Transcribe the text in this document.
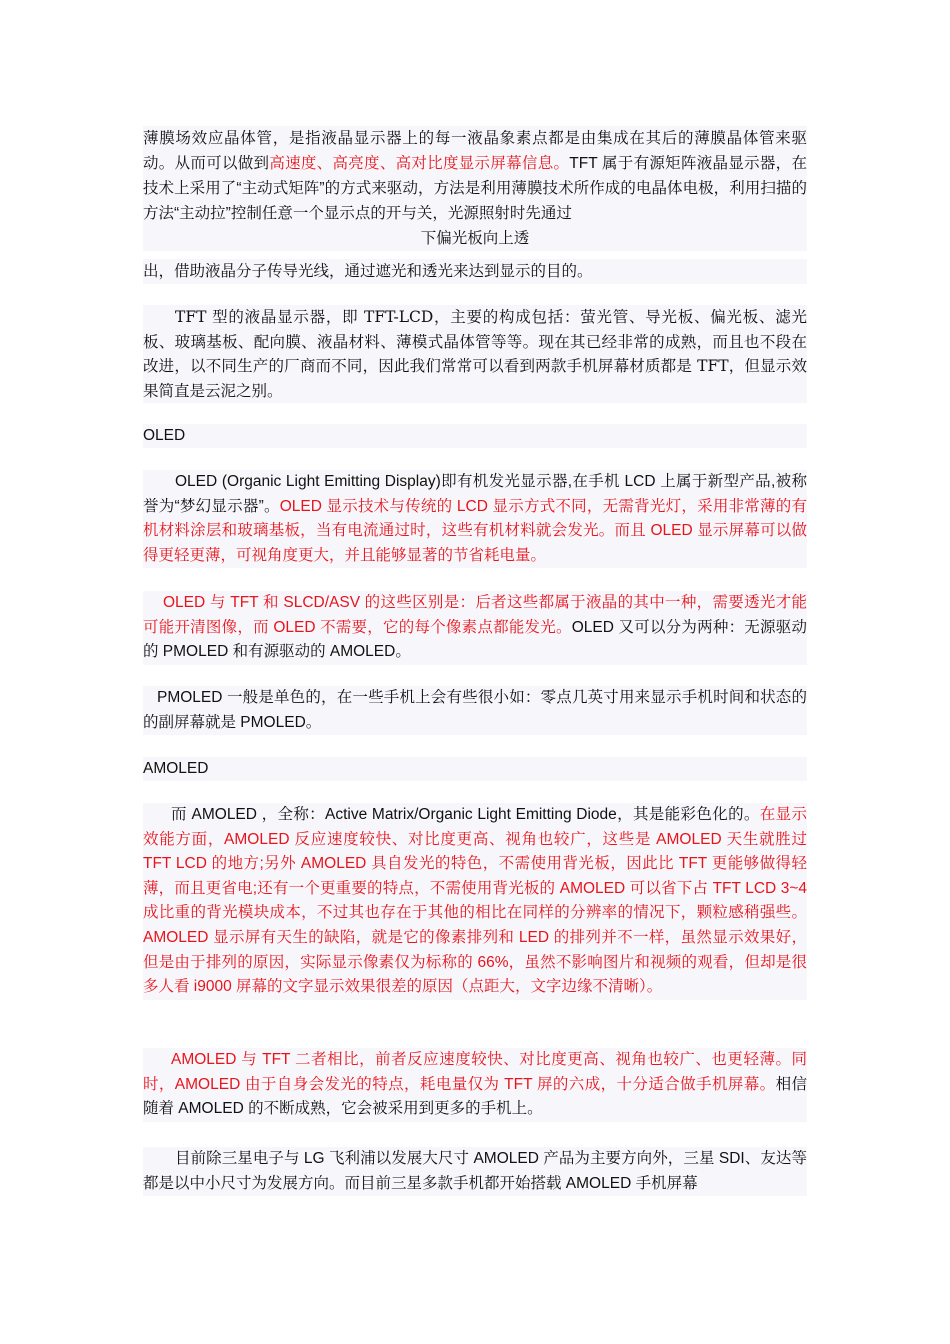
薄膜场效应晶体管，是指液晶显示器上的每一液晶象素点都是由集成在其后的薄膜晶体管来驱动。从而可以做到高速度、高亮度、高对比度显示屏幕信息。TFT 属于有源矩阵液晶显示器，在技术上采用了“主动式矩阵”的方式来驱动，方法是利用薄膜技术所作成的电晶体电极，利用扫描的方法“主动拉”控制任意一个显示点的开与关，光源照射时先通过

下偏光板向上透

出，借助液晶分子传导光线，通过遮光和透光来达到显示的目的。

TFT 型的液晶显示器，即 TFT-LCD，主要的构成包括：萤光管、导光板、偏光板、滤光板、玻璃基板、配向膜、液晶材料、薄模式晶体管等等。现在其已经非常的成熟，而且也不段在改进，以不同生产的厂商而不同，因此我们常常可以看到两款手机屏幕材质都是 TFT，但显示效果简直是云泥之别。

OLED

OLED (Organic Light Emitting Display)即有机发光显示器,在手机 LCD 上属于新型产品,被称誉为“梦幻显示器”。OLED 显示技术与传统的 LCD 显示方式不同，无需背光灯，采用非常薄的有机材料涂层和玻璃基板，当有电流通过时，这些有机材料就会发光。而且 OLED 显示屏幕可以做得更轻更薄，可视角度更大，并且能够显著的节省耗电量。

OLED 与 TFT 和 SLCD/ASV 的这些区别是：后者这些都属于液晶的其中一种，需要透光才能可能开清图像，而 OLED 不需要，它的每个像素点都能发光。OLED 又可以分为两种：无源驱动的 PMOLED 和有源驱动的 AMOLED。

PMOLED 一般是单色的，在一些手机上会有些很小如：零点几英寸用来显示手机时间和状态的的副屏幕就是 PMOLED。

AMOLED

而 AMOLED ，全称：Active Matrix/Organic Light Emitting Diode，其是能彩色化的。在显示效能方面，AMOLED 反应速度较快、对比度更高、视角也较广，这些是 AMOLED 天生就胜过 TFT LCD 的地方;另外 AMOLED 具自发光的特色，不需使用背光板，因此比 TFT 更能够做得轻薄，而且更省电;还有一个更重要的特点，不需使用背光板的 AMOLED 可以省下占 TFT LCD 3~4 成比重的背光模块成本，不过其也存在于其他的相比在同样的分辨率的情况下，颗粒感稍强些。AMOLED 显示屏有天生的缺陷，就是它的像素排列和 LED 的排列并不一样，虽然显示效果好，但是由于排列的原因，实际显示像素仅为标称的 66%，虽然不影响图片和视频的观看，但却是很多人看 i9000 屏幕的文字显示效果很差的原因（点距大，文字边缘不清晰）。

AMOLED 与 TFT 二者相比，前者反应速度较快、对比度更高、视角也较广、也更轻薄。同时，AMOLED 由于自身会发光的特点，耗电量仅为 TFT 屏的六成，十分适合做手机屏幕。相信随着 AMOLED 的不断成熟，它会被采用到更多的手机上。

目前除三星电子与 LG 飞利浦以发展大尺寸 AMOLED 产品为主要方向外，三星 SDI、友达等都是以中小尺寸为发展方向。而目前三星多款手机都开始搭载 AMOLED 手机屏幕
